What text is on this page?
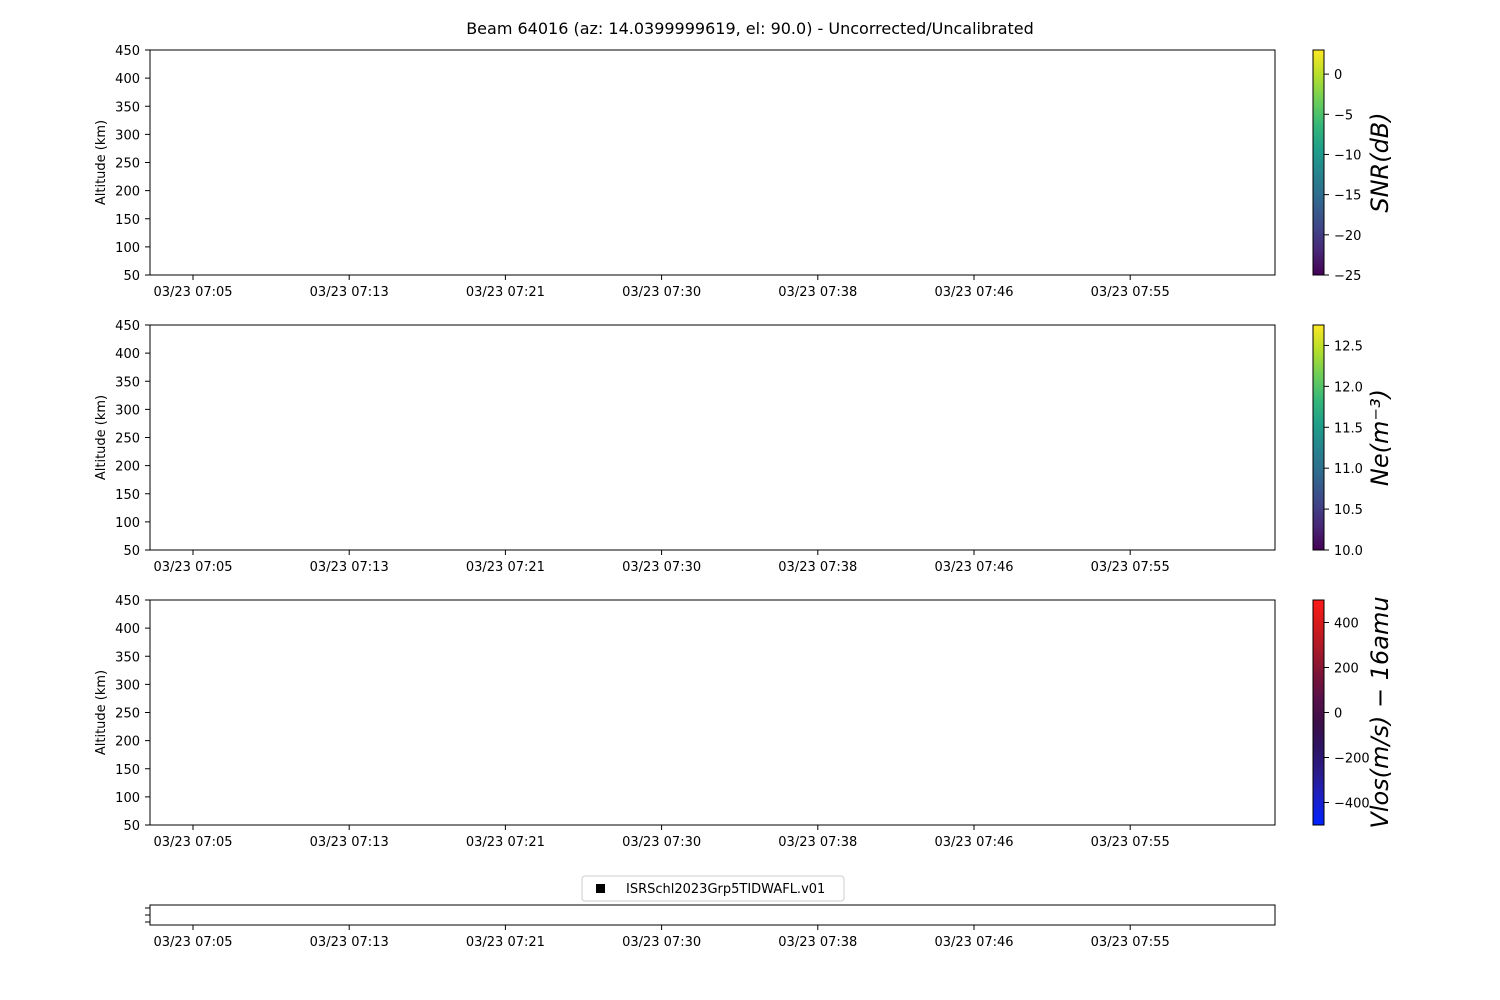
Beam 64016 (az: 14.0399999619, el: 90.0) - Uncorrected/Uncalibrated
50
100
150
200
250
300
350
400
450
Altitude (km)
03/23 07:05	03/23 07:13	03/23 07:21	03/23 07:30	03/23 07:38	03/23 07:46	03/23 07:55
−25
−20
−15
−10
−5
0
SNR(dB)
50
100
150
200
250
300
350
400
450
Altitude (km)
03/23 07:05	03/23 07:13	03/23 07:21	03/23 07:30	03/23 07:38	03/23 07:46	03/23 07:55
10.0
10.5
11.0
11.5
12.0
12.5
Ne(m⁻³)
50
100
150
200
250
300
350
400
450
Altitude (km)
03/23 07:05	03/23 07:13	03/23 07:21	03/23 07:30	03/23 07:38	03/23 07:46	03/23 07:55
−400
−200
0
200
400 Vlos(m/s) − 16amu
03/23 07:05	03/23 07:13	03/23 07:21	03/23 07:30	03/23 07:38	03/23 07:46	03/23 07:55
ISRSchl2023Grp5TIDWAFL.v01
